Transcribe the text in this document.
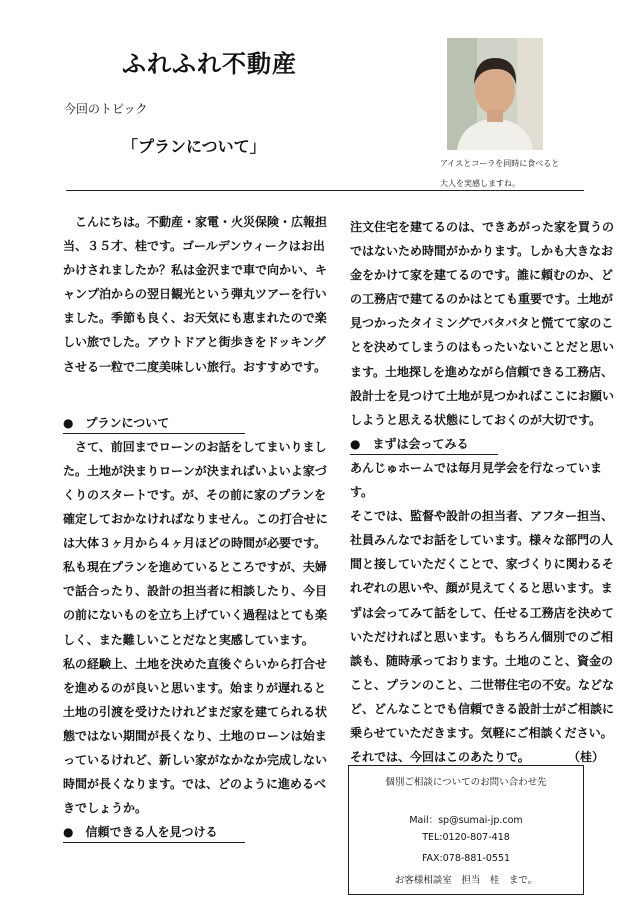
ふれふれ不動産
今回のトピック
「プランについて」
アイスとコーラを同時に食べると
大人を実感しますね。

　こんにちは。不動産・家電・火災保険・広報担

当、３５才、桂です。ゴールデンウィークはお出

かけされましたか？私は金沢まで車で向かい、キ

ャンプ泊からの翌日観光という弾丸ツアーを行い

ました。季節も良く、お天気にも恵まれたので楽

しい旅でした。アウトドアと街歩きをドッキング

させる一粒で二度美味しい旅行。おすすめです。

●　プランについて

　さて、前回までローンのお話をしてまいりまし

た。土地が決まりローンが決まればいよいよ家づ

くりのスタートです。が、その前に家のプランを

確定しておかなければなりません。この打合せに

は大体３ヶ月から４ヶ月ほどの時間が必要です。

私も現在プランを進めているところですが、夫婦

で話合ったり、設計の担当者に相談したり、今目

の前にないものを立ち上げていく過程はとても楽

しく、また難しいことだなと実感しています。

私の経験上、土地を決めた直後ぐらいから打合せ

を進めるのが良いと思います。始まりが遅れると

土地の引渡を受けたけれどまだ家を建てられる状

態ではない期間が長くなり、土地のローンは始ま

っているけれど、新しい家がなかなか完成しない

時間が長くなります。では、どのように進めるべ

きでしょうか。

●　信頼できる人を見つける

注文住宅を建てるのは、できあがった家を買うの

ではないため時間がかかります。しかも大きなお

金をかけて家を建てるのです。誰に頼むのか、ど

の工務店で建てるのかはとても重要です。土地が

見つかったタイミングでバタバタと慌てて家のこ

とを決めてしまうのはもったいないことだと思い

ます。土地探しを進めながら信頼できる工務店、

設計士を見つけて土地が見つかればここにお願い

しようと思える状態にしておくのが大切です。

●　まずは会ってみる

あんじゅホームでは毎月見学会を行なっています。

そこでは、監督や設計の担当者、アフター担当、

社員みんなでお話をしています。様々な部門の人

間と接していただくことで、家づくりに関わるそ

れぞれの思いや、顔が見えてくると思います。ま

ずは会ってみて話をして、任せる工務店を決めて

いただければと思います。もちろん個別でのご相

談も、随時承っております。土地のこと、資金の

こと、プランのこと、二世帯住宅の不安。などな

ど、どんなことでも信頼できる設計士がご相談に

乗らせていただきます。気軽にご相談ください。

それでは、今回はこのあたりで。	（桂）

個別ご相談についてのお問い合わせ先
Mail：sp@sumai-jp.com
TEL:0120-807-418
FAX:078-881-0551
お客様相談室　担当　桂　まで。
